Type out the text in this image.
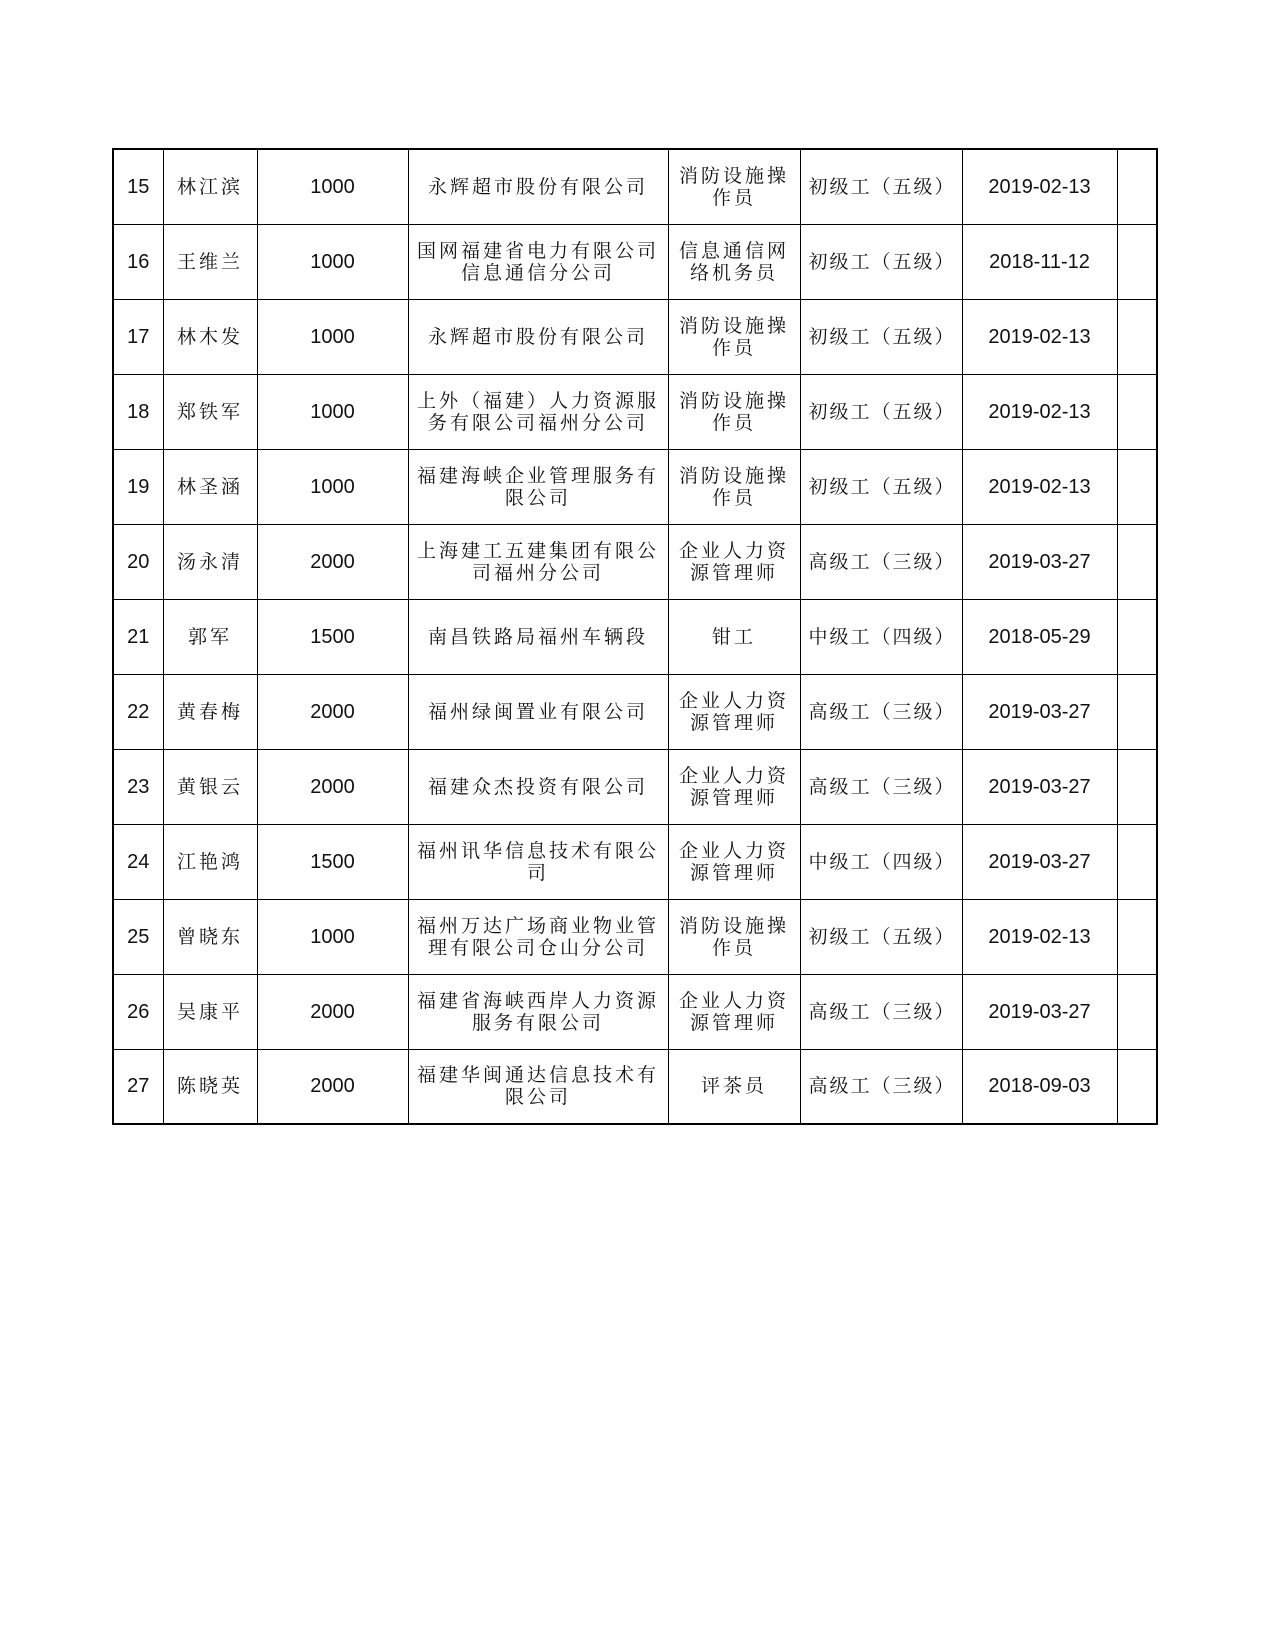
15	林江滨	1000	永辉超市股份有限公司	消防设施操作员	初级工（五级）	2019-02-13	
16	王维兰	1000	国网福建省电力有限公司信息通信分公司	信息通信网络机务员	初级工（五级）	2018-11-12	
17	林木发	1000	永辉超市股份有限公司	消防设施操作员	初级工（五级）	2019-02-13	
18	郑铁军	1000	上外（福建）人力资源服务有限公司福州分公司	消防设施操作员	初级工（五级）	2019-02-13	
19	林圣涵	1000	福建海峡企业管理服务有限公司	消防设施操作员	初级工（五级）	2019-02-13	
20	汤永清	2000	上海建工五建集团有限公司福州分公司	企业人力资源管理师	高级工（三级）	2019-03-27	
21	郭军	1500	南昌铁路局福州车辆段	钳工	中级工（四级）	2018-05-29	
22	黄春梅	2000	福州绿闽置业有限公司	企业人力资源管理师	高级工（三级）	2019-03-27	
23	黄银云	2000	福建众杰投资有限公司	企业人力资源管理师	高级工（三级）	2019-03-27	
24	江艳鸿	1500	福州讯华信息技术有限公司	企业人力资源管理师	中级工（四级）	2019-03-27	
25	曾晓东	1000	福州万达广场商业物业管理有限公司仓山分公司	消防设施操作员	初级工（五级）	2019-02-13	
26	吴康平	2000	福建省海峡西岸人力资源服务有限公司	企业人力资源管理师	高级工（三级）	2019-03-27	
27	陈晓英	2000	福建华闽通达信息技术有限公司	评茶员	高级工（三级）	2018-09-03	
